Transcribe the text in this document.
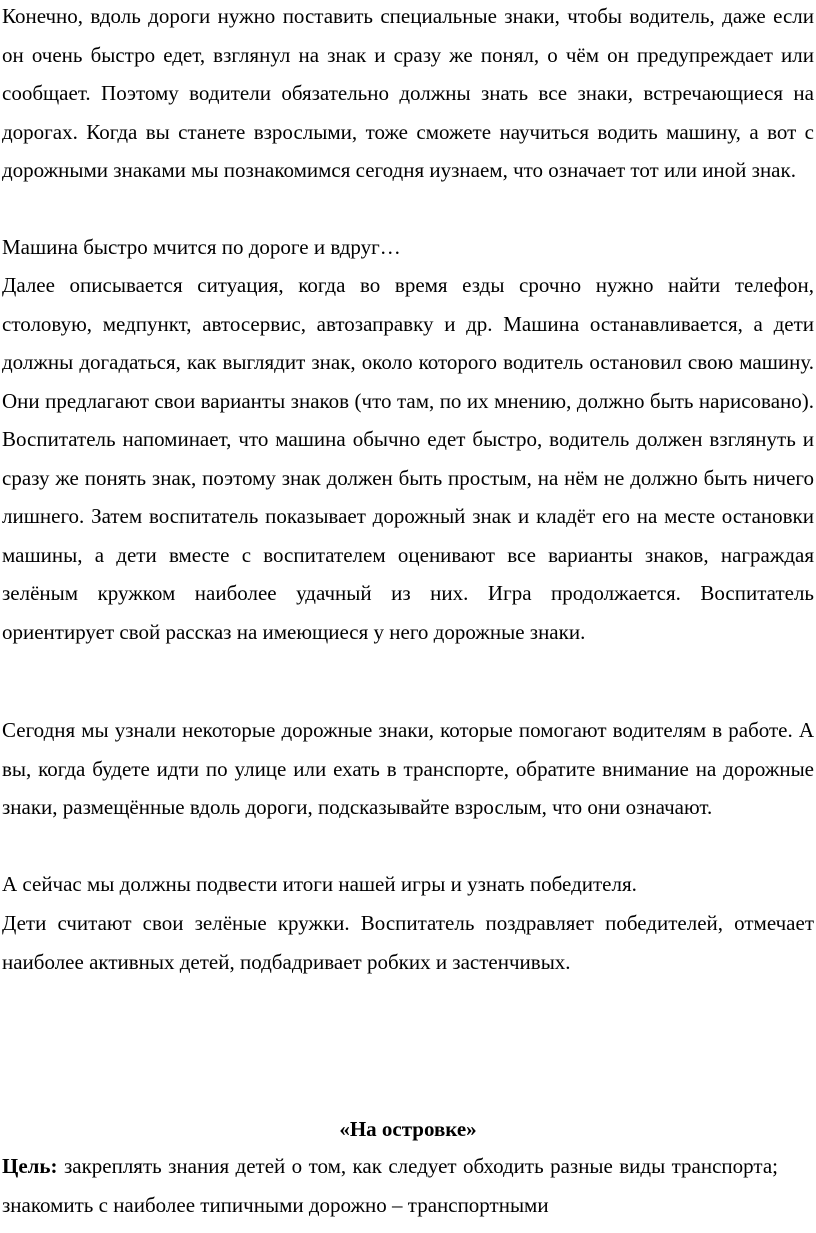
Конечно, вдоль дороги нужно поставить специальные знаки, чтобы водитель, даже если он очень быстро едет, взглянул на знак и сразу же понял, о чём он предупреждает или сообщает. Поэтому водители обязательно должны знать все знаки, встречающиеся на дорогах. Когда вы станете взрослыми, тоже сможете научиться водить машину, а вот с дорожными знаками мы познакомимся сегодня иузнаем, что означает тот или иной знак.

Машина быстро мчится по дороге и вдруг…

Далее описывается ситуация, когда во время езды срочно нужно найти телефон, столовую, медпункт, автосервис, автозаправку и др. Машина останавливается, а дети должны догадаться, как выглядит знак, около которого водитель остановил свою машину. Они предлагают свои варианты знаков (что там, по их мнению, должно быть нарисовано). Воспитатель напоминает, что машина обычно едет быстро, водитель должен взглянуть и сразу же понять знак, поэтому знак должен быть простым, на нём не должно быть ничего лишнего. Затем воспитатель показывает дорожный знак и кладёт его на месте остановки машины, а дети вместе с воспитателем оценивают все варианты знаков, награждая зелёным кружком наиболее удачный из них. Игра продолжается. Воспитатель ориентирует свой рассказ на имеющиеся у него дорожные знаки.

Сегодня мы узнали некоторые дорожные знаки, которые помогают водителям в работе. А вы, когда будете идти по улице или ехать в транспорте, обратите внимание на дорожные знаки, размещённые вдоль дороги, подсказывайте взрослым, что они означают.

А сейчас мы должны подвести итоги нашей игры и узнать победителя.

Дети считают свои зелёные кружки. Воспитатель поздравляет победителей, отмечает наиболее активных детей, подбадривает робких и застенчивых.

«На островке»

Цель: закреплять знания детей о том, как следует обходить разные виды транспорта; знакомить с наиболее типичными дорожно – транспортными
